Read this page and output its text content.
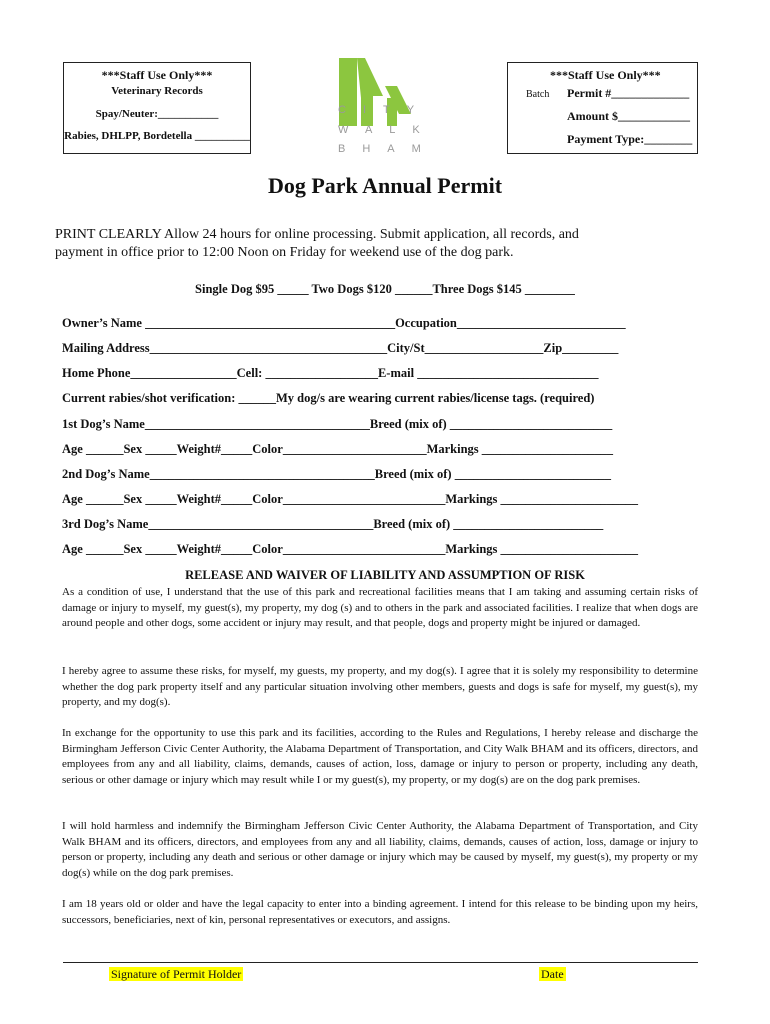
***Staff Use Only***
Veterinary Records
Spay/Neuter:___________
Rabies, DHLPP, Bordetella __________
CITY
WALK
BHAM
***Staff Use Only***
Batch Permit #_____________
Amount $____________
Payment Type:________
Dog Park Annual Permit
PRINT CLEARLY Allow 24 hours for online processing. Submit application, all records, and
payment in office prior to 12:00 Noon on Friday for weekend use of the dog park.
Single Dog $95 _____ Two Dogs $120 ______Three Dogs $145 ________
Owner’s Name ________________________________________Occupation___________________________
Mailing Address______________________________________City/St___________________Zip_________
Home Phone_________________Cell: __________________E-mail _____________________________
Current rabies/shot verification: ______My dog/s are wearing current rabies/license tags. (required)
1st Dog’s Name____________________________________Breed (mix of) __________________________
Age ______Sex _____Weight#_____Color_______________________Markings _____________________
2nd Dog’s Name____________________________________Breed (mix of) _________________________
Age ______Sex _____Weight#_____Color__________________________Markings ______________________
3rd Dog’s Name____________________________________Breed (mix of) ________________________
Age ______Sex _____Weight#_____Color__________________________Markings ______________________
RELEASE AND WAIVER OF LIABILITY AND ASSUMPTION OF RISK
As a condition of use, I understand that the use of this park and recreational facilities means that I am taking and assuming certain risks of damage or injury to myself, my guest(s), my property, my dog (s) and to others in the park and associated facilities. I realize that when dogs are around people and other dogs, some accident or injury may result, and that people, dogs and property might be injured or damaged.
I hereby agree to assume these risks, for myself, my guests, my property, and my dog(s). I agree that it is solely my responsibility to determine whether the dog park property itself and any particular situation involving other members, guests and dogs is safe for myself, my guest(s), my property, and my dog(s).
In exchange for the opportunity to use this park and its facilities, according to the Rules and Regulations, I hereby release and discharge the Birmingham Jefferson Civic Center Authority, the Alabama Department of Transportation, and City Walk BHAM and its officers, directors, and employees from any and all liability, claims, demands, causes of action, loss, damage or injury to person or property, including any death, serious or other damage or injury which may result while I or my guest(s), my property, or my dog(s) are on the dog park premises.
I will hold harmless and indemnify the Birmingham Jefferson Civic Center Authority, the Alabama Department of Transportation, and City Walk BHAM and its officers, directors, and employees from any and all liability, claims, demands, causes of action, loss, damage or injury to person or property, including any death and serious or other damage or injury which may be caused by myself, my guest(s), my property or my dog(s) while on the dog park premises.
I am 18 years old or older and have the legal capacity to enter into a binding agreement. I intend for this release to be binding upon my heirs, successors, beneficiaries, next of kin, personal representatives or executors, and assigns.
Signature of Permit Holder	Date
